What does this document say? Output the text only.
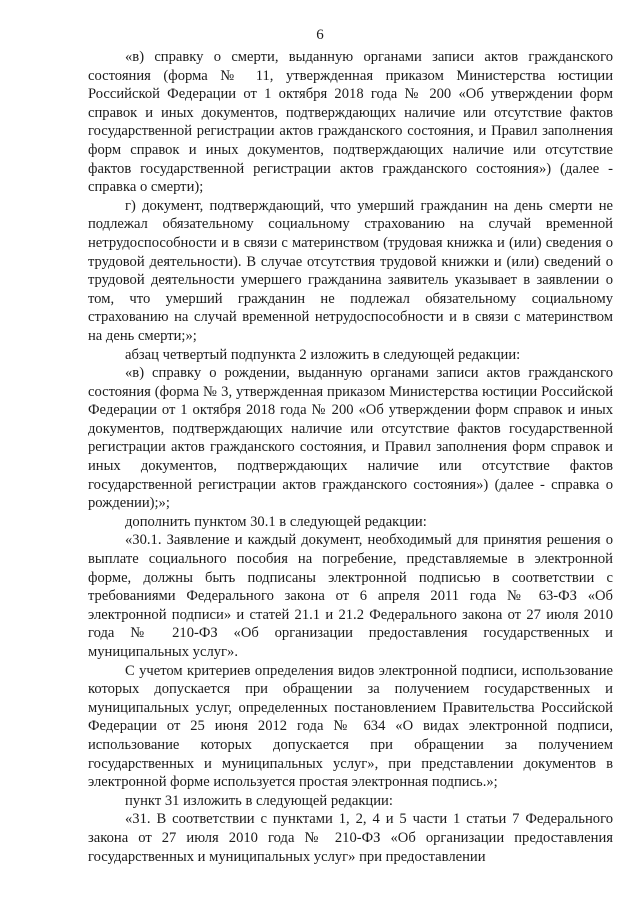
6

«в) справку о смерти, выданную органами записи актов гражданского состояния (форма № 11, утвержденная приказом Министерства юстиции Российской Федерации от 1 октября 2018 года № 200 «Об утверждении форм справок и иных документов, подтверждающих наличие или отсутствие фактов государственной регистрации актов гражданского состояния, и Правил заполнения форм справок и иных документов, подтверждающих наличие или отсутствие фактов государственной регистрации актов гражданского состояния») (далее - справка о смерти);

г) документ, подтверждающий, что умерший гражданин на день смерти не подлежал обязательному социальному страхованию на случай временной нетрудоспособности и в связи с материнством (трудовая книжка и (или) сведения о трудовой деятельности). В случае отсутствия трудовой книжки и (или) сведений о трудовой деятельности умершего гражданина заявитель указывает в заявлении о том, что умерший гражданин не подлежал обязательному социальному страхованию на случай временной нетрудоспособности и в связи с материнством на день смерти;»;

абзац четвертый подпункта 2 изложить в следующей редакции:

«в) справку о рождении, выданную органами записи актов гражданского состояния (форма № 3, утвержденная приказом Министерства юстиции Российской Федерации от 1 октября 2018 года № 200 «Об утверждении форм справок и иных документов, подтверждающих наличие или отсутствие фактов государственной регистрации актов гражданского состояния, и Правил заполнения форм справок и иных документов, подтверждающих наличие или отсутствие фактов государственной регистрации актов гражданского состояния») (далее - справка о рождении);»;

дополнить пунктом 30.1 в следующей редакции:

«30.1. Заявление и каждый документ, необходимый для принятия решения о выплате социального пособия на погребение, представляемые в электронной форме, должны быть подписаны электронной подписью в соответствии с требованиями Федерального закона от 6 апреля 2011 года № 63-ФЗ «Об электронной подписи» и статей 21.1 и 21.2 Федерального закона от 27 июля 2010 года № 210-ФЗ «Об организации предоставления государственных и муниципальных услуг».

С учетом критериев определения видов электронной подписи, использование которых допускается при обращении за получением государственных и муниципальных услуг, определенных постановлением Правительства Российской Федерации от 25 июня 2012 года № 634 «О видах электронной подписи, использование которых допускается при обращении за получением государственных и муниципальных услуг», при представлении документов в электронной форме используется простая электронная подпись.»;

пункт 31 изложить в следующей редакции:

«31. В соответствии с пунктами 1, 2, 4 и 5 части 1 статьи 7 Федерального закона от 27 июля 2010 года № 210-ФЗ «Об организации предоставления государственных и муниципальных услуг» при предоставлении
